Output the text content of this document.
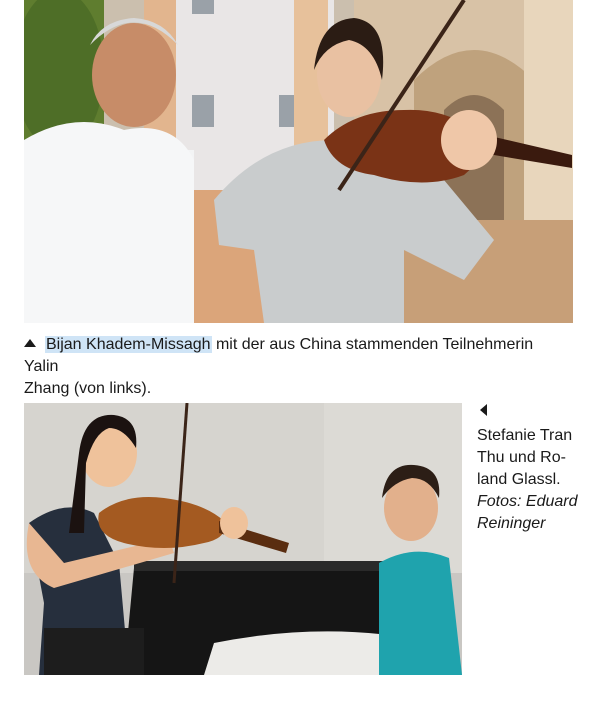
Bijan Khadem-Missagh mit der aus China stammenden Teilnehmerin Yalin
Zhang (von links).
Stefanie Tran
Thu und Ro-
land Glassl.
Fotos: Eduard
Reininger
